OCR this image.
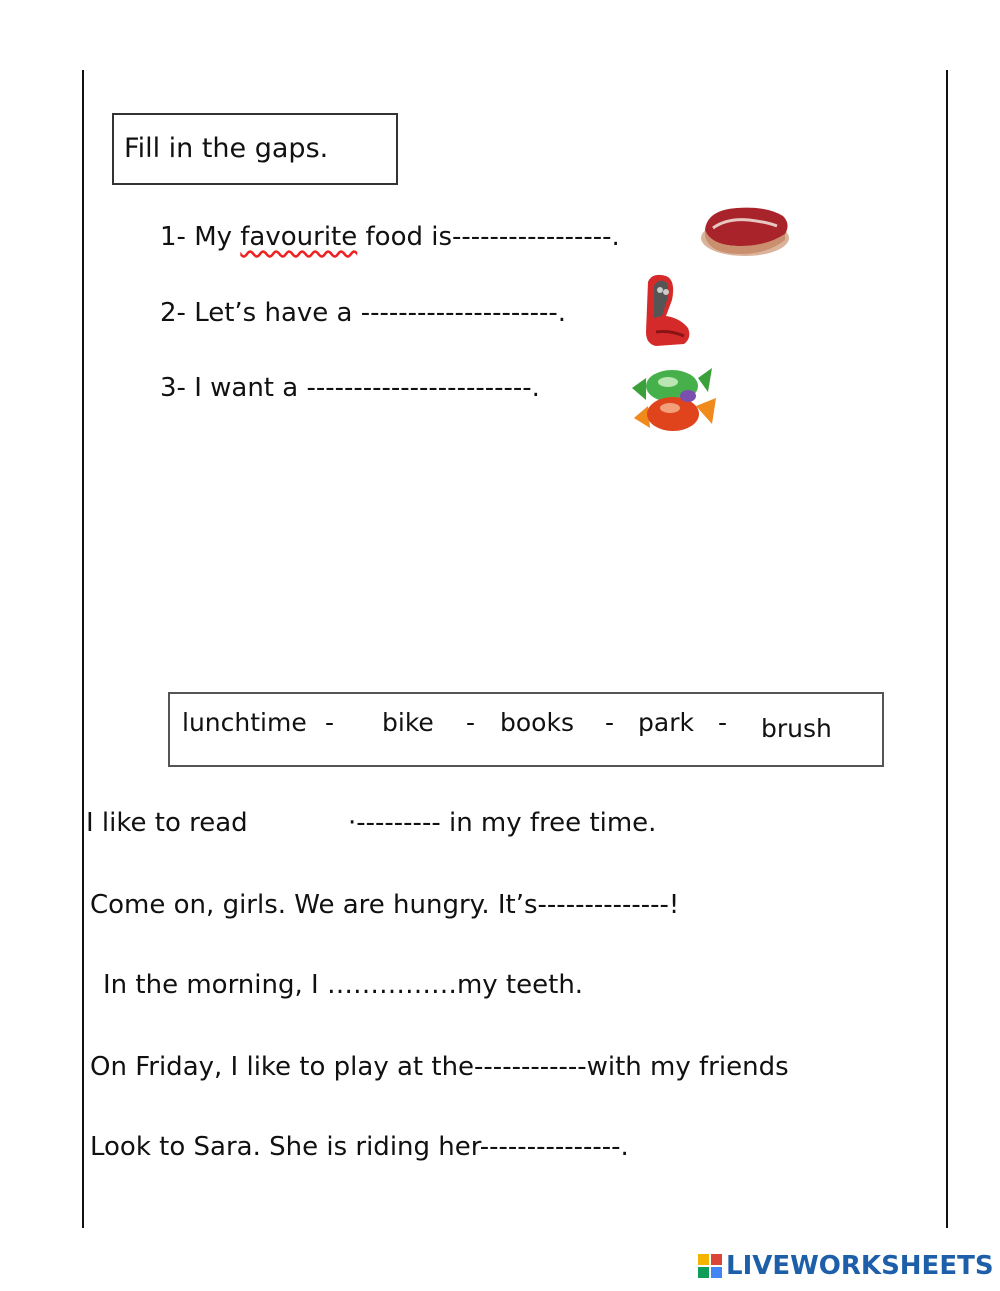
Fill in the gaps.
1- My favourite food is-----------------.
2- Let’s have a ---------------------.
3- I want a ------------------------.
lunchtime - bike - books - park - brush
I like to read	·--------- in my free time.
Come on, girls. We are hungry. It’s--------------!
In the morning, I ……………my teeth.
On Friday, I like to play at the------------with my friends
Look to Sara. She is riding her---------------.
LIVEWORKSHEETS
